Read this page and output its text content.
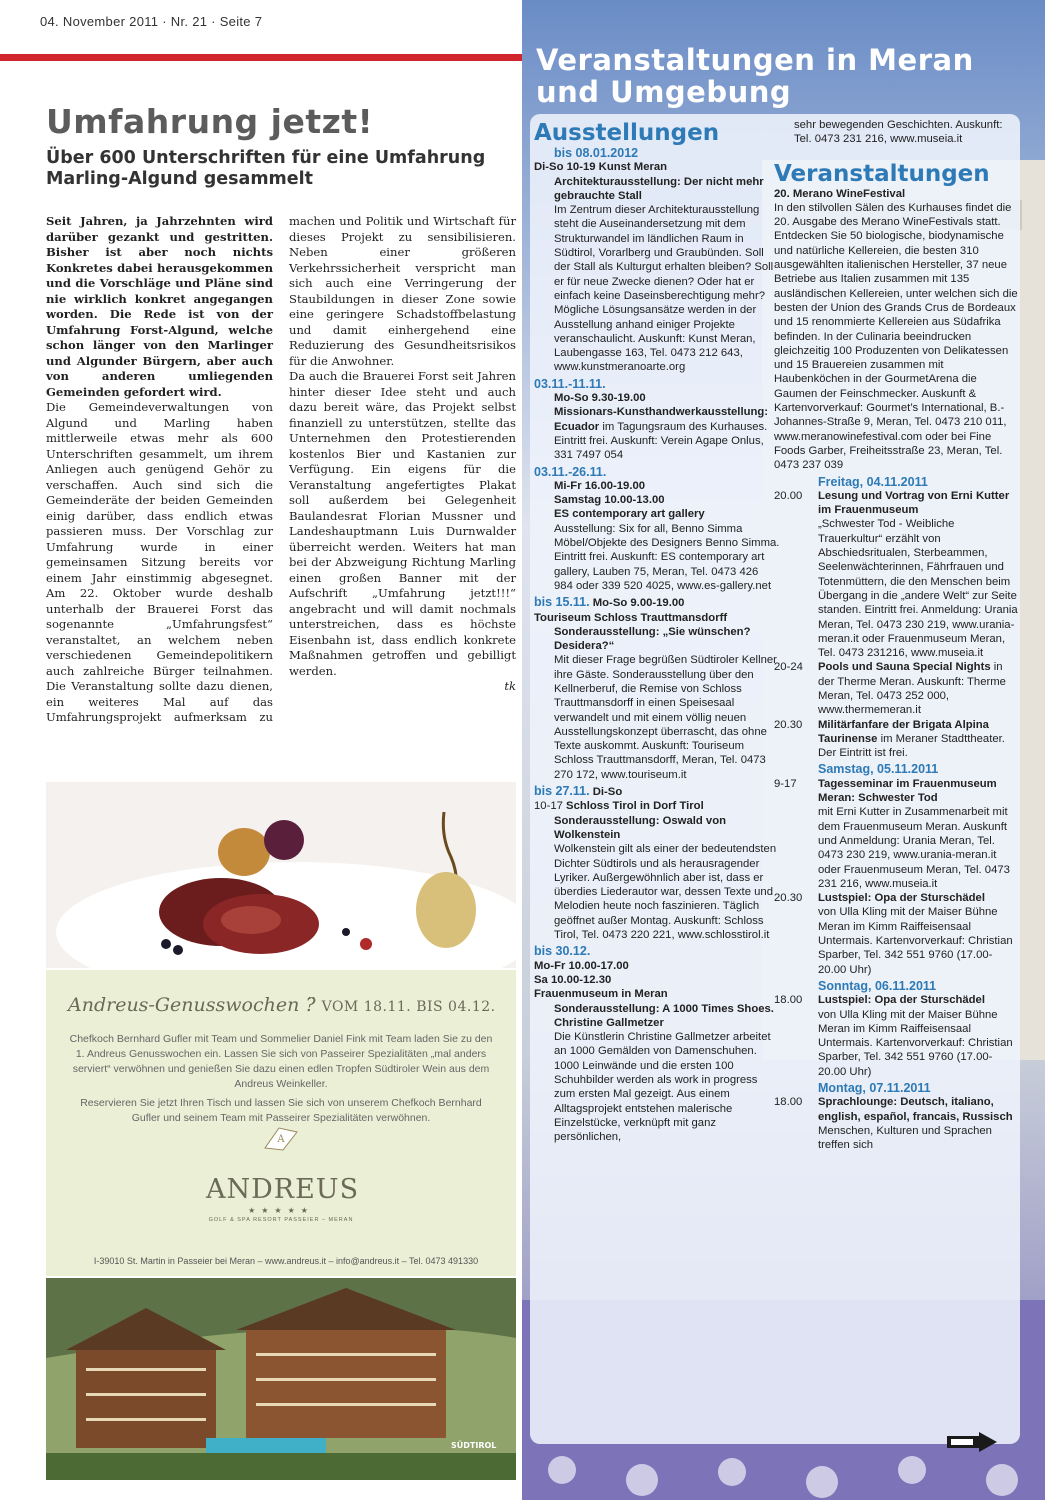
04. November 2011 · Nr. 21 · Seite 7
Umfahrung jetzt!
Über 600 Unterschriften für eine Umfahrung Marling-Algund gesammelt

Seit Jahren, ja Jahrzehnten wird darüber gezankt und gestritten. Bisher ist aber noch nichts Konkretes dabei herausgekommen und die Vorschläge und Pläne sind nie wirklich konkret angegangen worden. Die Rede ist von der Umfahrung Forst-Algund, welche schon länger von den Marlinger und Algunder Bürgern, aber auch von anderen umliegenden Gemeinden gefordert wird.

Die Gemeindeverwaltungen von Algund und Marling haben mittlerweile etwas mehr als 600 Unterschriften gesammelt, um ihrem Anliegen auch genügend Gehör zu verschaffen. Auch sind sich die Gemeinderäte der beiden Gemeinden einig darüber, dass endlich etwas passieren muss. Der Vorschlag zur Umfahrung wurde in einer gemeinsamen Sitzung bereits vor einem Jahr einstimmig abgesegnet. Am 22. Oktober wurde deshalb unterhalb der Brauerei Forst das sogenannte „Umfahrungsfest“ veranstaltet, an welchem neben verschiedenen Gemeindepolitikern auch zahlreiche Bürger teilnahmen. Die Veranstaltung sollte dazu dienen, ein weiteres Mal auf das Umfahrungsprojekt aufmerksam zu machen und Politik und Wirtschaft für dieses Projekt zu sensibilisieren. Neben einer größeren Verkehrssicherheit verspricht man sich auch eine Verringerung der Staubildungen in dieser Zone sowie eine geringere Schadstoffbelastung und damit einhergehend eine Reduzierung des Gesundheitsrisikos für die Anwohner.

Da auch die Brauerei Forst seit Jahren hinter dieser Idee steht und auch dazu bereit wäre, das Projekt selbst finanziell zu unterstützen, stellte das Unternehmen den Protestierenden kostenlos Bier und Kastanien zur Verfügung. Ein eigens für die Veranstaltung angefertigtes Plakat soll außerdem bei Gelegenheit Baulandesrat Florian Mussner und Landeshauptmann Luis Durnwalder überreicht werden. Weiters hat man bei der Abzweigung Richtung Marling einen großen Banner mit der Aufschrift „Umfahrung jetzt!!!“ angebracht und will damit nochmals unterstreichen, dass es höchste Eisenbahn ist, dass endlich konkrete Maßnahmen getroffen und gebilligt werden.

tk

Andreus-Genusswochen ?̈ VOM 18.11. BIS 04.12.
Chefkoch Bernhard Gufler mit Team und Sommelier Daniel Fink mit Team laden Sie zu den 1. Andreus Genusswochen ein. Lassen Sie sich von Passeirer Spezialitäten „mal anders serviert“ verwöhnen und genießen Sie dazu einen edlen Tropfen Südtiroler Wein aus dem Andreus Weinkeller.
Reservieren Sie jetzt Ihren Tisch und lassen Sie sich von unserem Chefkoch Bernhard Gufler und seinem Team mit Passeirer Spezialitäten verwöhnen.
A
ANDREUS
★★★★★
GOLF & SPA RESORT PASSEIER – MERAN
I-39010 St. Martin in Passeier bei Meran – www.andreus.it – info@andreus.it – Tel. 0473 491330
SÜDTIROL
Veranstaltungen in Meran und Umgebung
Ausstellungen
bis 08.01.2012
Di-So 10-19 Kunst Meran
Architekturausstellung: Der nicht mehr gebrauchte Stall
Im Zentrum dieser Architekturausstellung steht die Auseinandersetzung mit dem Strukturwandel im ländlichen Raum in Südtirol, Vorarlberg und Graubünden. Soll der Stall als Kulturgut erhalten bleiben? Soll er für neue Zwecke dienen? Oder hat er einfach keine Daseinsberechtigung mehr? Mögliche Lösungsansätze werden in der Ausstellung anhand einiger Projekte veranschaulicht. Auskunft: Kunst Meran, Laubengasse 163, Tel. 0473 212 643, www.kunstmeranoarte.org
03.11.-11.11.
Mo-So 9.30-19.00
Missionars-Kunsthandwerkausstellung: Ecuador im Tagungsraum des Kurhauses. Eintritt frei. Auskunft: Verein Agape Onlus, 331 7497 054
03.11.-26.11.
Mi-Fr 16.00-19.00
Samstag 10.00-13.00
ES contemporary art gallery
Ausstellung: Six for all, Benno Simma Möbel/Objekte des Designers Benno Simma. Eintritt frei. Auskunft: ES contemporary art gallery, Lauben 75, Meran, Tel. 0473 426 984 oder 339 520 4025, www.es-gallery.net
bis 15.11. Mo-So 9.00-19.00
Touriseum Schloss Trauttmansdorff
Sonderausstellung: „Sie wünschen? Desidera?“
Mit dieser Frage begrüßen Südtiroler Kellner ihre Gäste. Sonderausstellung über den Kellnerberuf, die Remise von Schloss Trauttmansdorff in einen Speisesaal verwandelt und mit einem völlig neuen Ausstellungskonzept überrascht, das ohne Texte auskommt. Auskunft: Touriseum Schloss Trauttmansdorff, Meran, Tel. 0473 270 172, www.touriseum.it
bis 27.11. Di-So
10-17 Schloss Tirol in Dorf Tirol
Sonderausstellung: Oswald von Wolkenstein
Wolkenstein gilt als einer der bedeutendsten Dichter Südtirols und als herausragender Lyriker. Außergewöhnlich aber ist, dass er überdies Liederautor war, dessen Texte und Melodien heute noch faszinieren. Täglich geöffnet außer Montag. Auskunft: Schloss Tirol, Tel. 0473 220 221, www.schlosstirol.it
bis 30.12.
Mo-Fr 10.00-17.00
Sa 10.00-12.30
Frauenmuseum in Meran
Sonderausstellung: A 1000 Times Shoes. Christine Gallmetzer
Die Künstlerin Christine Gallmetzer arbeitet an 1000 Gemälden von Damenschuhen. 1000 Leinwände und die ersten 100 Schuhbilder werden als work in progress zum ersten Mal gezeigt. Aus einem Alltagsprojekt entstehen malerische Einzelstücke, verknüpft mit ganz persönlichen,
sehr bewegenden Geschichten. Auskunft: Tel. 0473 231 216, www.museia.it
Veranstaltungen
20. Merano WineFestival
In den stilvollen Sälen des Kurhauses findet die 20. Ausgabe des Merano WineFestivals statt. Entdecken Sie 50 biologische, biodynamische und natürliche Kellereien, die besten 310 ausgewählten italienischen Hersteller, 37 neue Betriebe aus Italien zusammen mit 135 ausländischen Kellereien, unter welchen sich die besten der Union des Grands Crus de Bordeaux und 15 renommierte Kellereien aus Südafrika befinden. In der Culinaria beeindrucken gleichzeitig 100 Produzenten von Delikatessen und 15 Brauereien zusammen mit Haubenköchen in der GourmetArena die Gaumen der Feinschmecker. Auskunft & Kartenvorverkauf: Gourmet’s International, B.-Johannes-Straße 9, Meran, Tel. 0473 210 011, www.meranowinefestival.com oder bei Fine Foods Garber, Freiheitsstraße 23, Meran, Tel. 0473 237 039
Freitag, 04.11.2011
20.00	Lesung und Vortrag von Erni Kutter im Frauenmuseum
„Schwester Tod - Weibliche Trauerkultur“ erzählt von Abschiedsritualen, Sterbeammen, Seelenwächterinnen, Fährfrauen und Totenmüttern, die den Menschen beim Übergang in die „andere Welt“ zur Seite standen. Eintritt frei. Anmeldung: Urania Meran, Tel. 0473 230 219, www.urania-meran.it oder Frauenmuseum Meran, Tel. 0473 231216, www.museia.it
20-24	Pools und Sauna Special Nights in der Therme Meran. Auskunft: Therme Meran, Tel. 0473 252 000, www.thermemeran.it
20.30	Militärfanfare der Brigata Alpina Taurinense im Meraner Stadttheater. Der Eintritt ist frei.
Samstag, 05.11.2011
9-17	Tagesseminar im Frauenmuseum Meran: Schwester Tod
mit Erni Kutter in Zusammenarbeit mit dem Frauenmuseum Meran. Auskunft und Anmeldung: Urania Meran, Tel. 0473 230 219, www.urania-meran.it oder Frauenmuseum Meran, Tel. 0473 231 216, www.museia.it
20.30	Lustspiel: Opa der Sturschädel
von Ulla Kling mit der Maiser Bühne Meran im Kimm Raiffeisensaal Untermais. Kartenvorverkauf: Christian Sparber, Tel. 342 551 9760 (17.00-20.00 Uhr)
Sonntag, 06.11.2011
18.00	Lustspiel: Opa der Sturschädel
von Ulla Kling mit der Maiser Bühne Meran im Kimm Raiffeisensaal Untermais. Kartenvorverkauf: Christian Sparber, Tel. 342 551 9760 (17.00-20.00 Uhr)
Montag, 07.11.2011
18.00	Sprachlounge: Deutsch, italiano, english, español, francais, Russisch
Menschen, Kulturen und Sprachen treffen sich
